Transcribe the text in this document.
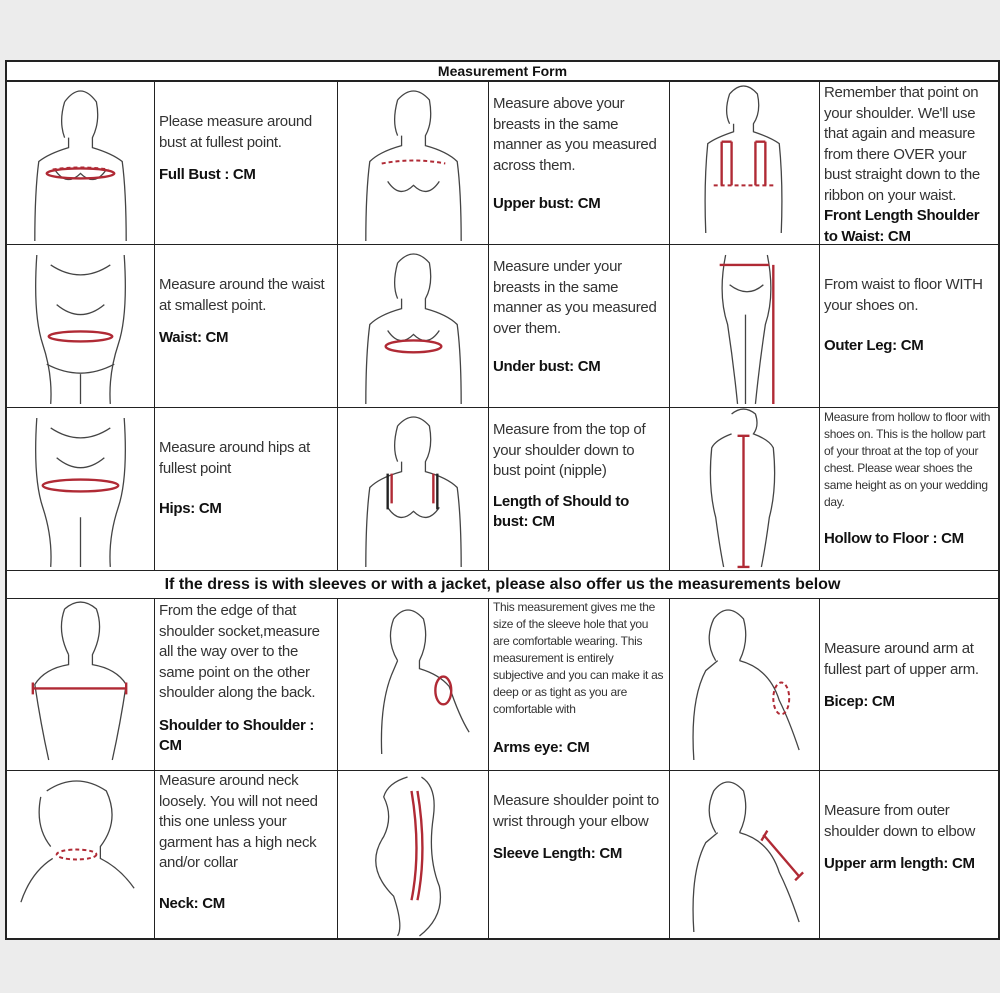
Measurement Form
Please measure around bust at fullest point.
Full Bust : CM
Measure above your breasts in the same manner as you measured across them.
Upper bust: CM
Remember that point on your shoulder. We'll use that again and measure from there OVER your bust straight down to the ribbon on your waist.
Front Length Shoulder to Waist: CM
Measure around the waist at smallest point.
Waist: CM
Measure under your breasts in the same manner as you measured over them.
Under bust: CM
From waist to floor WITH your shoes on.
Outer Leg: CM
Measure around hips at fullest point
Hips: CM
Measure from the top of your shoulder down to bust point (nipple)
Length of Should to bust: CM
Measure from hollow to floor with shoes on. This is the hollow part of your throat at the top of your chest. Please wear shoes the same height as on your wedding day.
Hollow to Floor : CM
If the dress is with sleeves or with a jacket, please also offer us the measurements below
From the edge of that shoulder socket,measure all the way over to the same point on the other shoulder along the back.
Shoulder to Shoulder : CM
This measurement gives me the size of the sleeve hole that you are comfortable wearing. This measurement is entirely subjective and you can make it as deep or as tight as you are comfortable with
Arms eye: CM
Measure around arm at fullest part of upper arm.
Bicep: CM
Measure around neck loosely. You will not need this one unless your garment has a high neck and/or collar
Neck: CM
Measure shoulder point to wrist through your elbow
Sleeve Length: CM
Measure from outer shoulder down to elbow
Upper arm length: CM
